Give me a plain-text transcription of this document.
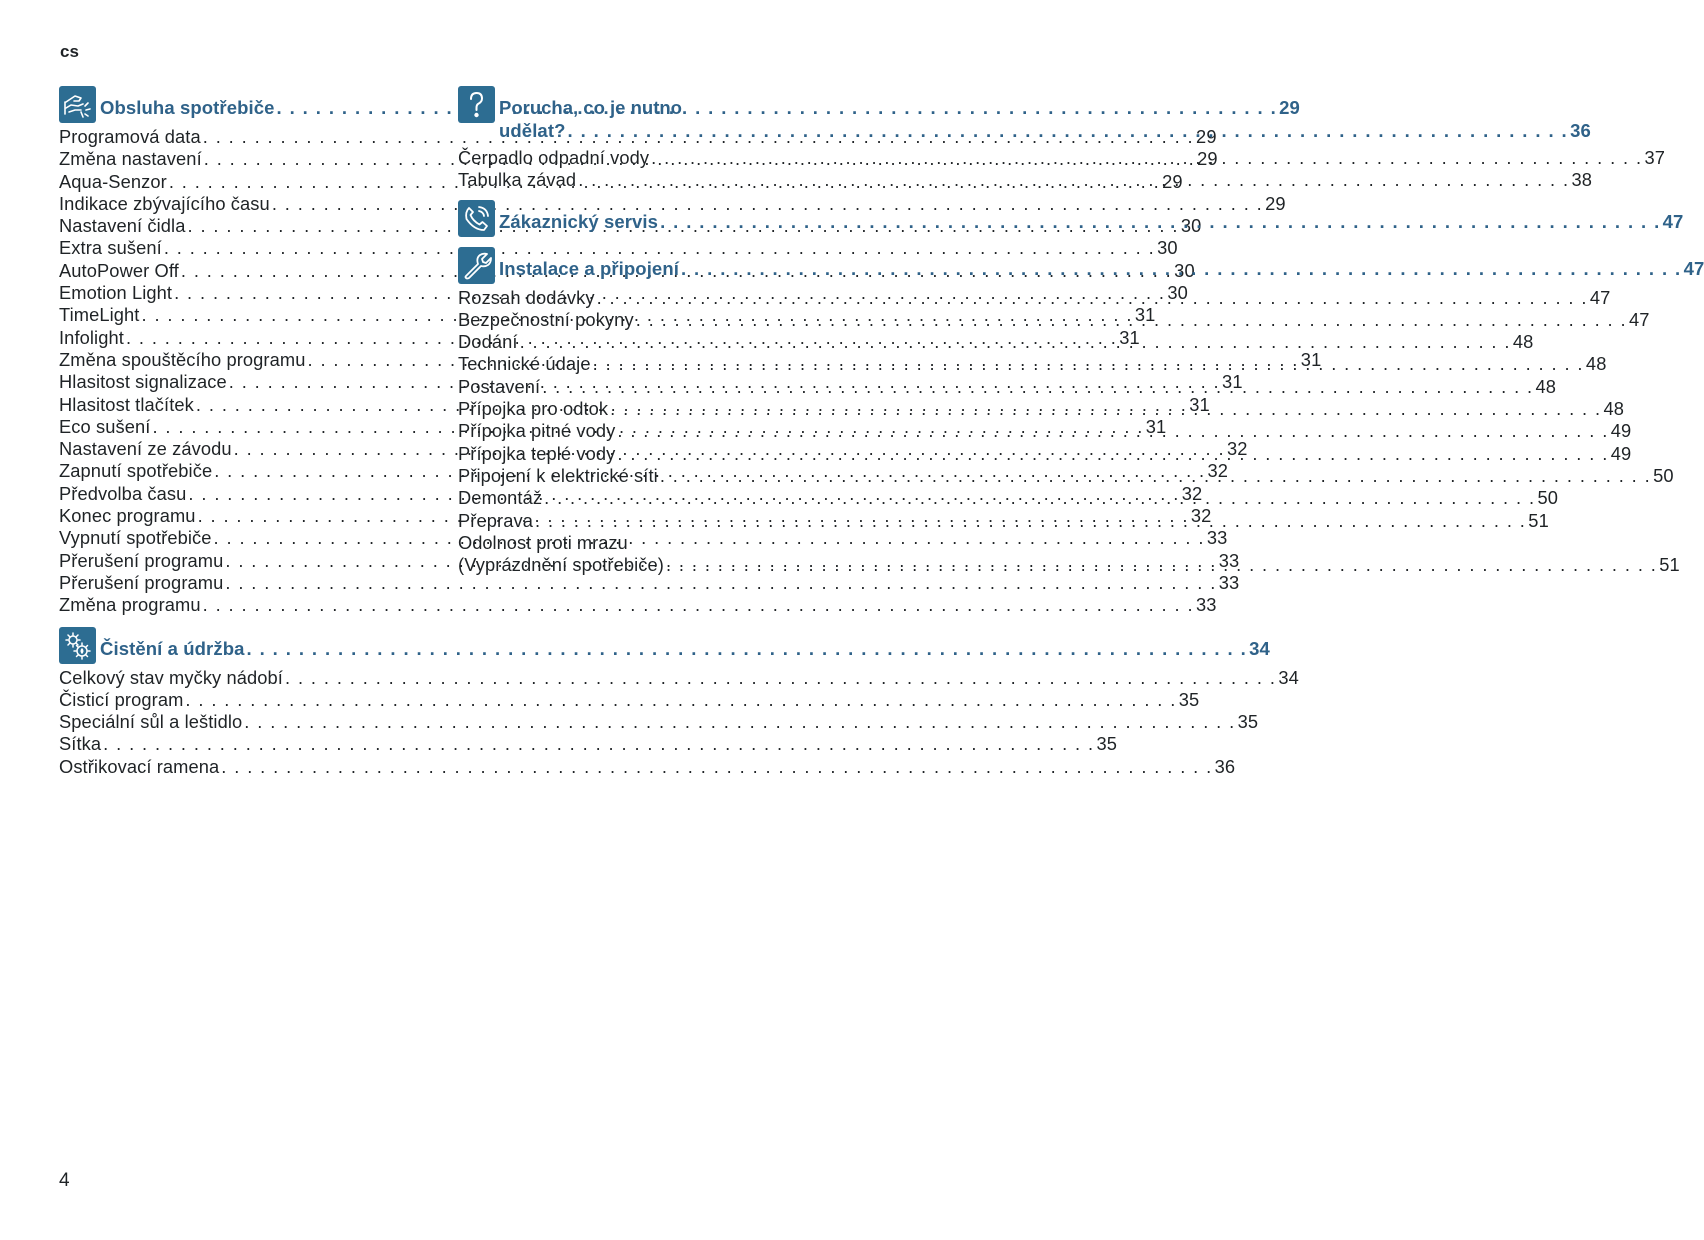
cs
Obsluha spotřebiče . . .	29
Programová data . . .	29
Změna nastavení . . .	29
Aqua-Senzor . . .	29
Indikace zbývajícího času . . .	29
Nastavení čidla . . .	30
Extra sušení . . .	30
AutoPower Off . . .	30
Emotion Light . . .	30
TimeLight . . .	31
Infolight . . .	31
Změna spouštěcího programu . . .	31
Hlasitost signalizace . . .	31
Hlasitost tlačítek . . .	31
Eco sušení . . .	31
Nastavení ze závodu . . .	32
Zapnutí spotřebiče . . .	32
Předvolba času . . .	32
Konec programu . . .	32
Vypnutí spotřebiče . . .	33
Přerušení programu . . .	33
Přerušení programu . . .	33
Změna programu . . .	33
Čistění a údržba . . .	34
Celkový stav myčky nádobí . . .	34
Čisticí program . . .	35
Speciální sůl a leštidlo . . .	35
Sítka . . .	35
Ostřikovací ramena . . .	36
Porucha, co je nutno
udělat? . . .	36
Čerpadlo odpadní vody . . .	37
Tabulka závad . . .	38
Zákaznický servis . . .	47
Instalace a připojení . . .	47
Rozsah dodávky . . .	47
Bezpečnostní pokyny . . .	47
Dodání . . .	48
Technické údaje . . .	48
Postavení . . .	48
Přípojka pro odtok . . .	48
Přípojka pitné vody . . .	49
Přípojka teplé vody . . .	49
Připojení k elektrické síti . . .	50
Demontáž . . .	50
Přeprava . . .	51
Odolnost proti mrazu
(Vyprázdnění spotřebiče) . . .	51
4
